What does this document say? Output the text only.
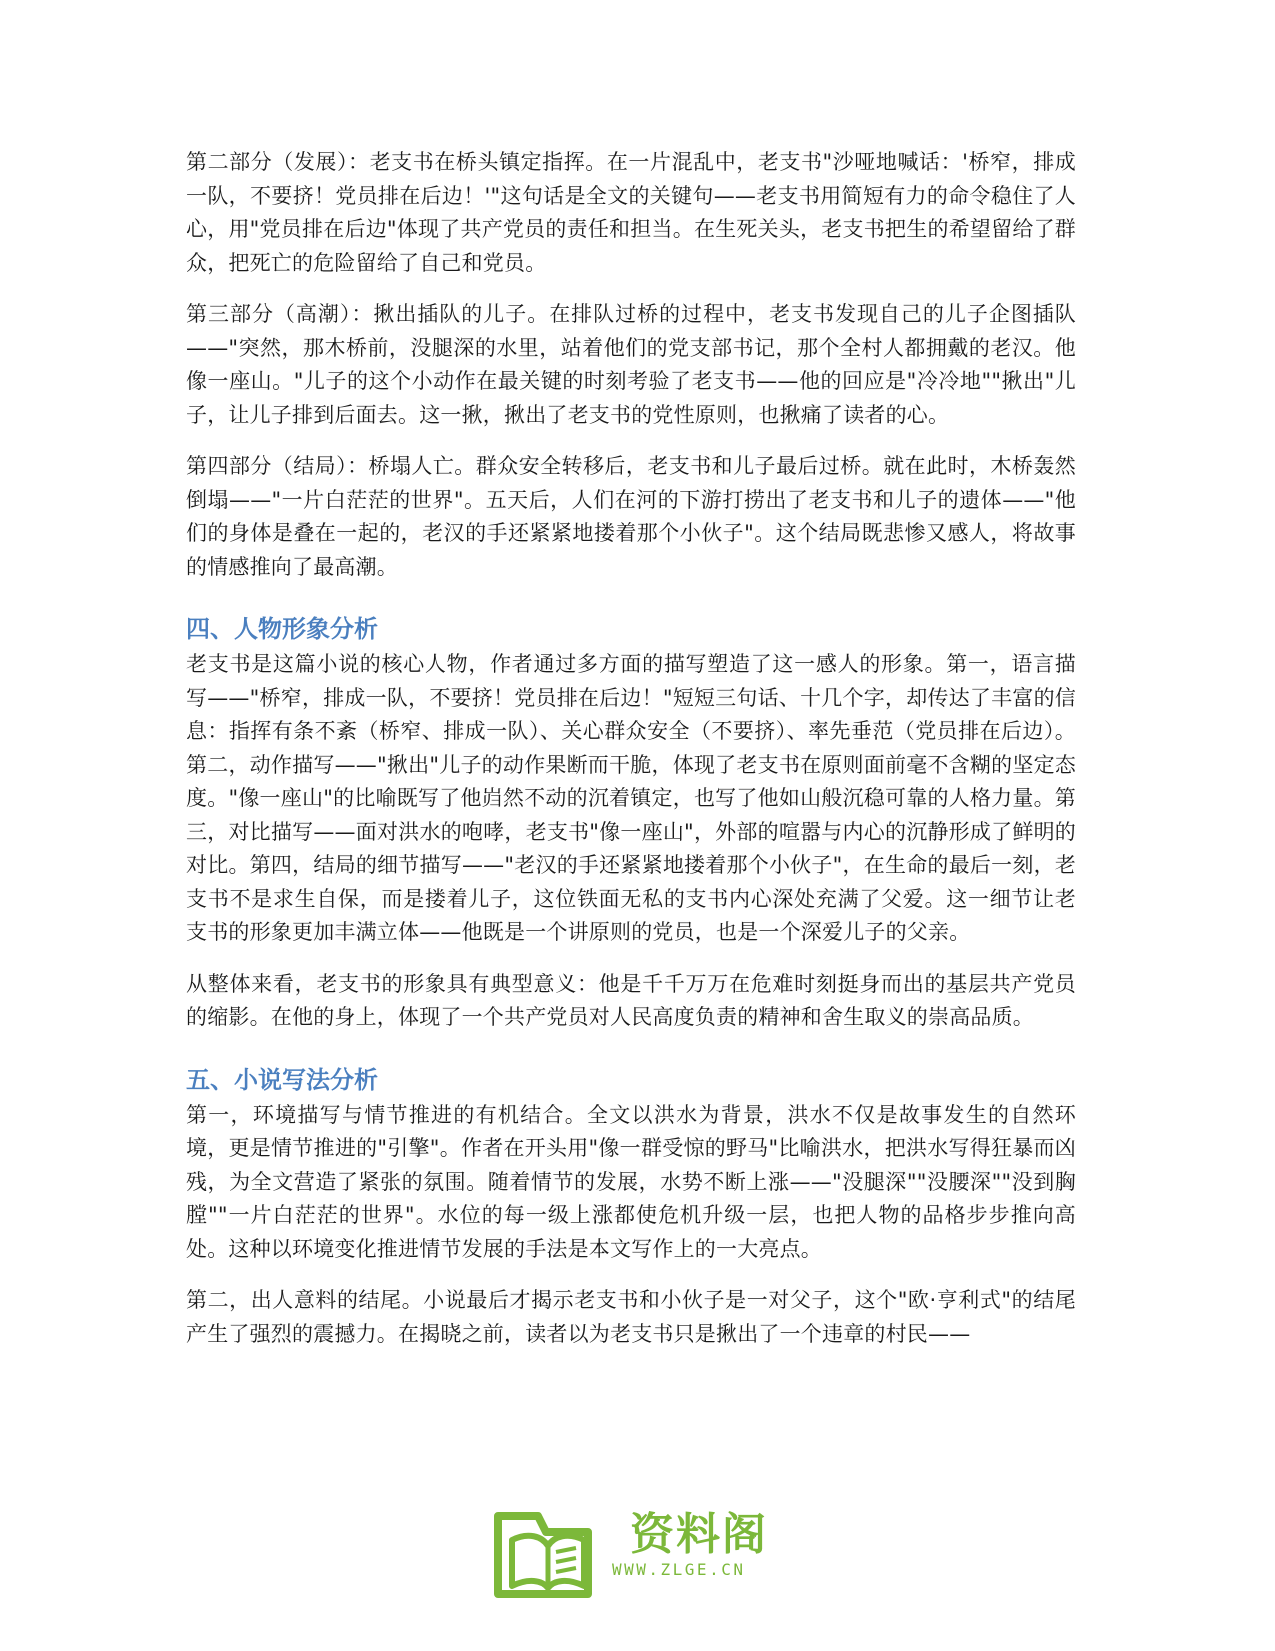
第二部分（发展）：老支书在桥头镇定指挥。在一片混乱中，老支书"沙哑地喊话：'桥窄，排成一队，不要挤！党员排在后边！'"这句话是全文的关键句——老支书用简短有力的命令稳住了人心，用"党员排在后边"体现了共产党员的责任和担当。在生死关头，老支书把生的希望留给了群众，把死亡的危险留给了自己和党员。

第三部分（高潮）：揪出插队的儿子。在排队过桥的过程中，老支书发现自己的儿子企图插队——"突然，那木桥前，没腿深的水里，站着他们的党支部书记，那个全村人都拥戴的老汉。他像一座山。"儿子的这个小动作在最关键的时刻考验了老支书——他的回应是"冷冷地""揪出"儿子，让儿子排到后面去。这一揪，揪出了老支书的党性原则，也揪痛了读者的心。

第四部分（结局）：桥塌人亡。群众安全转移后，老支书和儿子最后过桥。就在此时，木桥轰然倒塌——"一片白茫茫的世界"。五天后，人们在河的下游打捞出了老支书和儿子的遗体——"他们的身体是叠在一起的，老汉的手还紧紧地搂着那个小伙子"。这个结局既悲惨又感人，将故事的情感推向了最高潮。

四、人物形象分析

老支书是这篇小说的核心人物，作者通过多方面的描写塑造了这一感人的形象。第一，语言描写——"桥窄，排成一队，不要挤！党员排在后边！"短短三句话、十几个字，却传达了丰富的信息：指挥有条不紊（桥窄、排成一队）、关心群众安全（不要挤）、率先垂范（党员排在后边）。第二，动作描写——"揪出"儿子的动作果断而干脆，体现了老支书在原则面前毫不含糊的坚定态度。"像一座山"的比喻既写了他岿然不动的沉着镇定，也写了他如山般沉稳可靠的人格力量。第三，对比描写——面对洪水的咆哮，老支书"像一座山"，外部的喧嚣与内心的沉静形成了鲜明的对比。第四，结局的细节描写——"老汉的手还紧紧地搂着那个小伙子"，在生命的最后一刻，老支书不是求生自保，而是搂着儿子，这位铁面无私的支书内心深处充满了父爱。这一细节让老支书的形象更加丰满立体——他既是一个讲原则的党员，也是一个深爱儿子的父亲。

从整体来看，老支书的形象具有典型意义：他是千千万万在危难时刻挺身而出的基层共产党员的缩影。在他的身上，体现了一个共产党员对人民高度负责的精神和舍生取义的崇高品质。

五、小说写法分析

第一，环境描写与情节推进的有机结合。全文以洪水为背景，洪水不仅是故事发生的自然环境，更是情节推进的"引擎"。作者在开头用"像一群受惊的野马"比喻洪水，把洪水写得狂暴而凶残，为全文营造了紧张的氛围。随着情节的发展，水势不断上涨——"没腿深""没腰深""没到胸膛""一片白茫茫的世界"。水位的每一级上涨都使危机升级一层，也把人物的品格步步推向高处。这种以环境变化推进情节发展的手法是本文写作上的一大亮点。

第二，出人意料的结尾。小说最后才揭示老支书和小伙子是一对父子，这个"欧·亨利式"的结尾产生了强烈的震撼力。在揭晓之前，读者以为老支书只是揪出了一个违章的村民——

资料阁
WWW.ZLGE.CN
